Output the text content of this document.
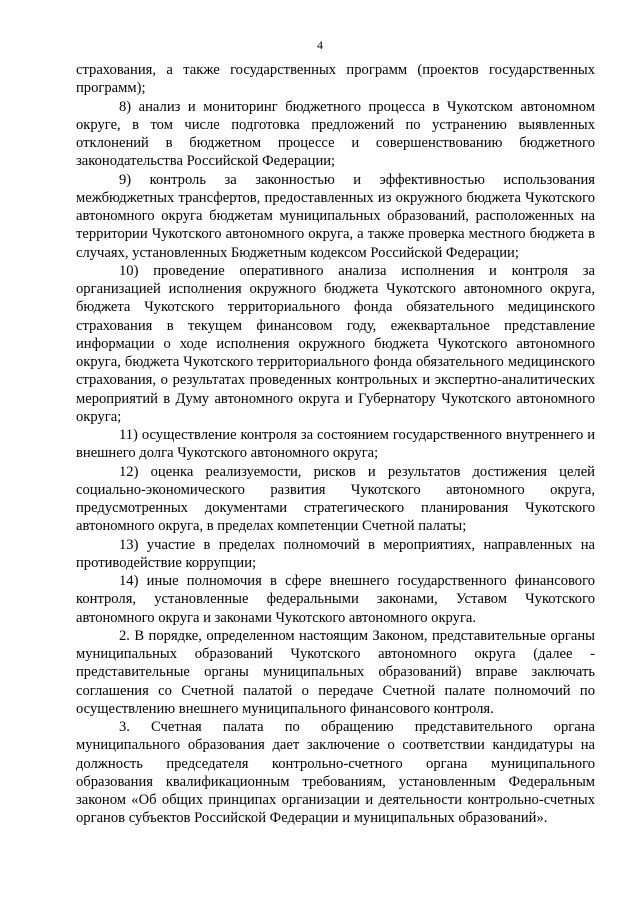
4

страхования, а также государственных программ (проектов государственных программ);

8) анализ и мониторинг бюджетного процесса в Чукотском автономном округе, в том числе подготовка предложений по устранению выявленных отклонений в бюджетном процессе и совершенствованию бюджетного законодательства Российской Федерации;

9) контроль за законностью и эффективностью использования межбюджетных трансфертов, предоставленных из окружного бюджета Чукотского автономного округа бюджетам муниципальных образований, расположенных на территории Чукотского автономного округа, а также проверка местного бюджета в случаях, установленных Бюджетным кодексом Российской Федерации;

10) проведение оперативного анализа исполнения и контроля за организацией исполнения окружного бюджета Чукотского автономного округа, бюджета Чукотского территориального фонда обязательного медицинского страхования в текущем финансовом году, ежеквартальное представление информации о ходе исполнения окружного бюджета Чукотского автономного округа, бюджета Чукотского территориального фонда обязательного медицинского страхования, о результатах проведенных контрольных и экспертно-аналитических мероприятий в Думу автономного округа и Губернатору Чукотского автономного округа;

11) осуществление контроля за состоянием государственного внутреннего и внешнего долга Чукотского автономного округа;

12) оценка реализуемости, рисков и результатов достижения целей социально-экономического развития Чукотского автономного округа, предусмотренных документами стратегического планирования Чукотского автономного округа, в пределах компетенции Счетной палаты;

13) участие в пределах полномочий в мероприятиях, направленных на противодействие коррупции;

14) иные полномочия в сфере внешнего государственного финансового контроля, установленные федеральными законами, Уставом Чукотского автономного округа и законами Чукотского автономного округа.

2. В порядке, определенном настоящим Законом, представительные органы муниципальных образований Чукотского автономного округа (далее - представительные органы муниципальных образований) вправе заключать соглашения со Счетной палатой о передаче Счетной палате полномочий по осуществлению внешнего муниципального финансового контроля.

3. Счетная палата по обращению представительного органа муниципального образования дает заключение о соответствии кандидатуры на должность председателя контрольно-счетного органа муниципального образования квалификационным требованиям, установленным Федеральным законом «Об общих принципах организации и деятельности контрольно-счетных органов субъектов Российской Федерации и муниципальных образований».
